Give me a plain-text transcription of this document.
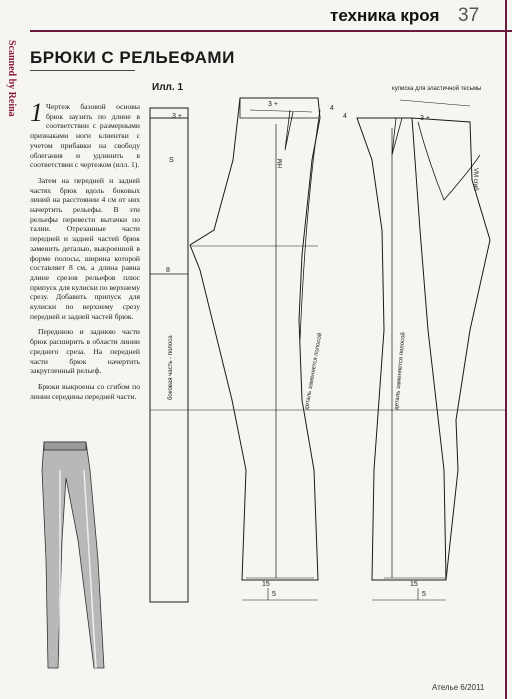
техника кроя 37
Scanned by Reina БРЮКИ С РЕЛЬЕФАМИ
Илл. 1

1 Чертеж базовой основы брюк заузить по длине в соответствии с размерными признаками ноги клиентки с учетом прибавки на свободу облегания и удлинить в соответствии с чертежом (илл. 1).

Затем на передней и задней частях брюк вдоль боковых линий на расстоянии 4 см от них начертить рельефы. В эти рельефы перевести вытачки по талии. Отрезанные части передней и задней частей брюк заменить деталью, выкроенной в форме полосы, ширина которой составляет 8 см, а длина равна длине срезов рельефов плюс припуск для кулиски по верхнему срезу. Добавить припуск для кулиски по верхнему срезу передней и задней частей брюк.

Переднюю и заднюю части брюк расширить в области линии среднего среза. На передней части брюк начертить закругленный рельеф.

Брюки выкроены со сгибом по линии середины передней части.

3 +
S
8
3 +
4
3 +
4
кулиска для эластичной тесьмы
15
5
15
5
НМ
VM сгиб
боковая часть - полоса	деталь заменяется полосой	деталь заменяется полосой
Ателье 6/2011
